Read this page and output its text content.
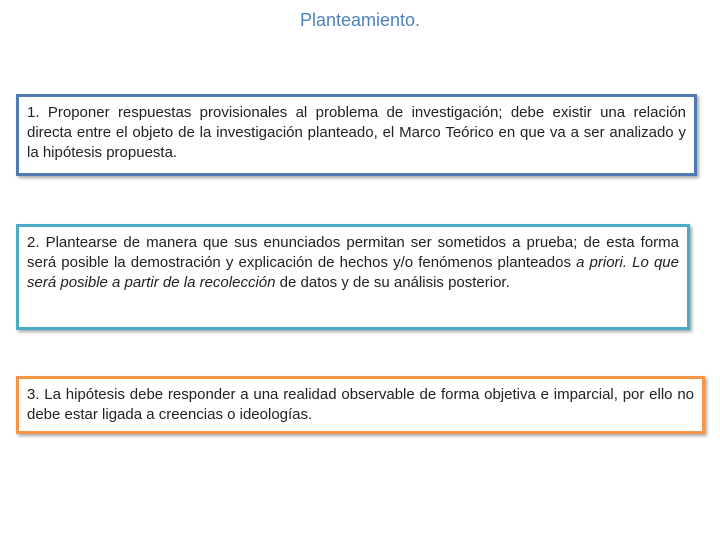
Planteamiento.
1. Proponer respuestas provisionales al problema de investigación; debe existir una relación directa entre el objeto de la investigación planteado, el Marco Teórico en que va a ser analizado y la hipótesis propuesta.
2. Plantearse de manera que sus enunciados permitan ser sometidos a prueba; de esta forma será posible la demostración y explicación de hechos y/o fenómenos planteados a priori. Lo que será posible a partir de la recolección de datos y de su análisis posterior.
3. La hipótesis debe responder a una realidad observable de forma objetiva e imparcial, por ello no debe estar ligada a creencias o ideologías.
